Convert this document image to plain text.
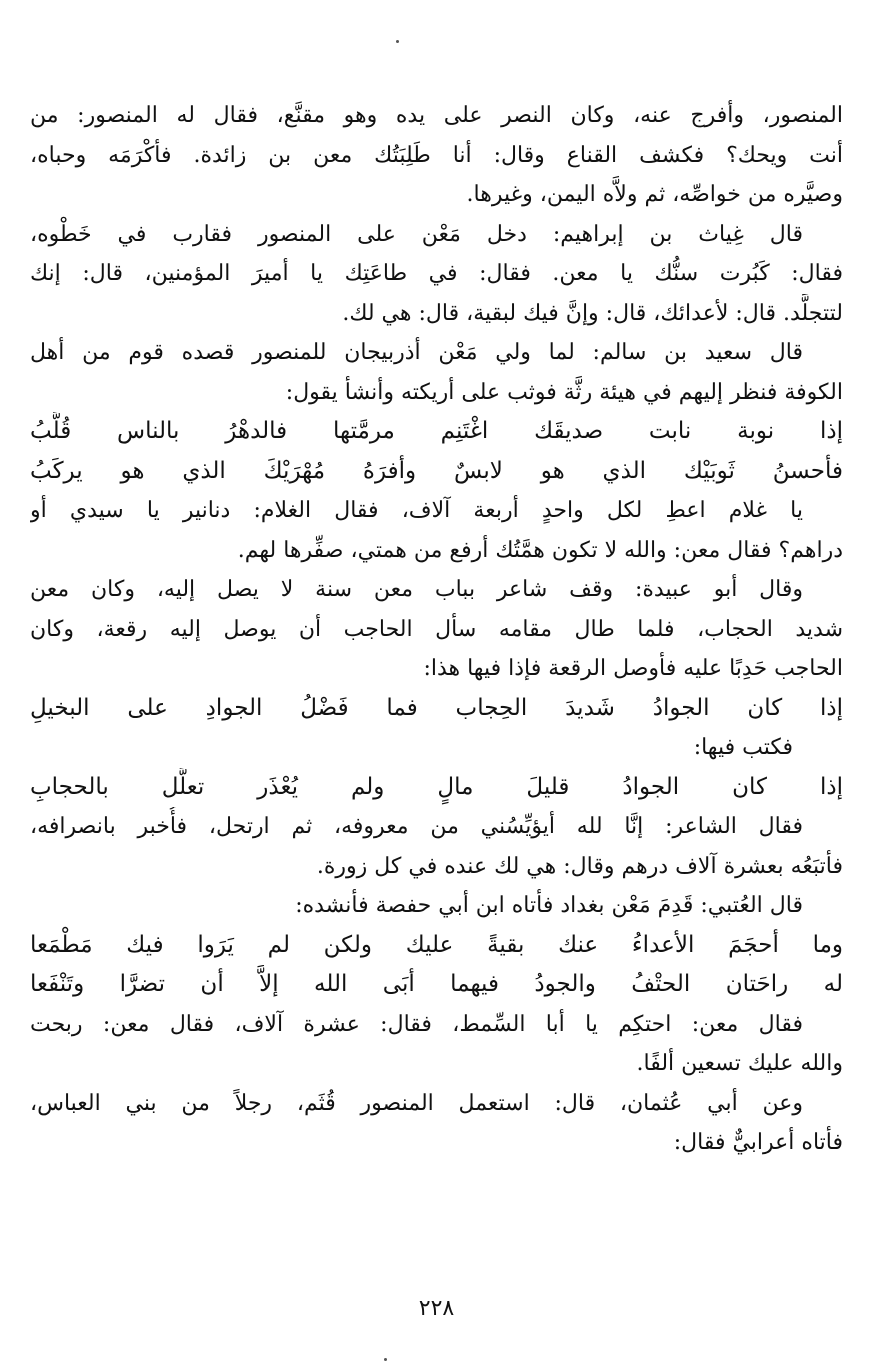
المنصور، وأفرج عنه، وكان النصر على يده وهو مقنَّع، فقال له المنصور: من
أنت ويحك؟ فكشف القناع وقال: أنا طَلِبَتُك معن بن زائدة. فأكْرَمَه وحباه،
وصيَّره من خواصِّه، ثم ولاَّه اليمن، وغيرها.
قال غِياث بن إبراهيم: دخل مَعْن على المنصور فقارب في خَطْوه،
فقال: كَبُرت سنُّك يا معن. فقال: في طاعَتِك يا أميرَ المؤمنين، قال: إنك
لتتجلَّد. قال: لأعدائك، قال: وإنَّ فيك لبقية، قال: هي لك.
قال سعيد بن سالم: لما ولي مَعْن أذربيجان للمنصور قصده قوم من أهل
الكوفة فنظر إليهم في هيئة رثَّة فوثب على أريكته وأنشأ يقول:
إذا نوبة نابت صديقَك اغْتَنِم مرمَّتها فالدهْرُ بالناس قُلَّبُ
فأحسنُ ثَوبَيْك الذي هو لابسٌ وأفرَهُ مُهْرَيْكَ الذي هو يركَبُ
يا غلام اعطِ لكل واحدٍ أربعة آلاف، فقال الغلام: دنانير يا سيدي أو
دراهم؟ فقال معن: والله لا تكون همَّتُك أرفع من همتي، صفِّرها لهم.
وقال أبو عبيدة: وقف شاعر بباب معن سنة لا يصل إليه، وكان معن
شديد الحجاب، فلما طال مقامه سأل الحاجب أن يوصل إليه رقعة، وكان
الحاجب حَدِبًا عليه فأوصل الرقعة فإذا فيها هذا:
إذا كان الجوادُ شَديدَ الحِجاب فما فَضْلُ الجوادِ على البخيلِ
فكتب فيها:
إذا كان الجوادُ قليلَ مالٍ ولم يُعْذَر تعلَّل بالحجابِ
فقال الشاعر: إنَّا لله أيؤيِّسُني من معروفه، ثم ارتحل، فأُخبر بانصرافه،
فأتبَعُه بعشرة آلاف درهم وقال: هي لك عنده في كل زورة.
قال العُتبي: قَدِمَ مَعْن بغداد فأتاه ابن أبي حفصة فأنشده:
وما أحجَمَ الأعداءُ عنك بقيةً عليك ولكن لم يَرَوا فيك مَطْمَعا
له راحَتان الحتْفُ والجودُ فيهما أبَى الله إلاَّ أن تضرَّا وتَنْفَعا
فقال معن: احتكِم يا أبا السِّمط، فقال: عشرة آلاف، فقال معن: ربحت
والله عليك تسعين ألفًا.
وعن أبي عُثمان، قال: استعمل المنصور قُثَم، رجلاً من بني العباس،
فأتاه أعرابيٌّ فقال:
٢٢٨
